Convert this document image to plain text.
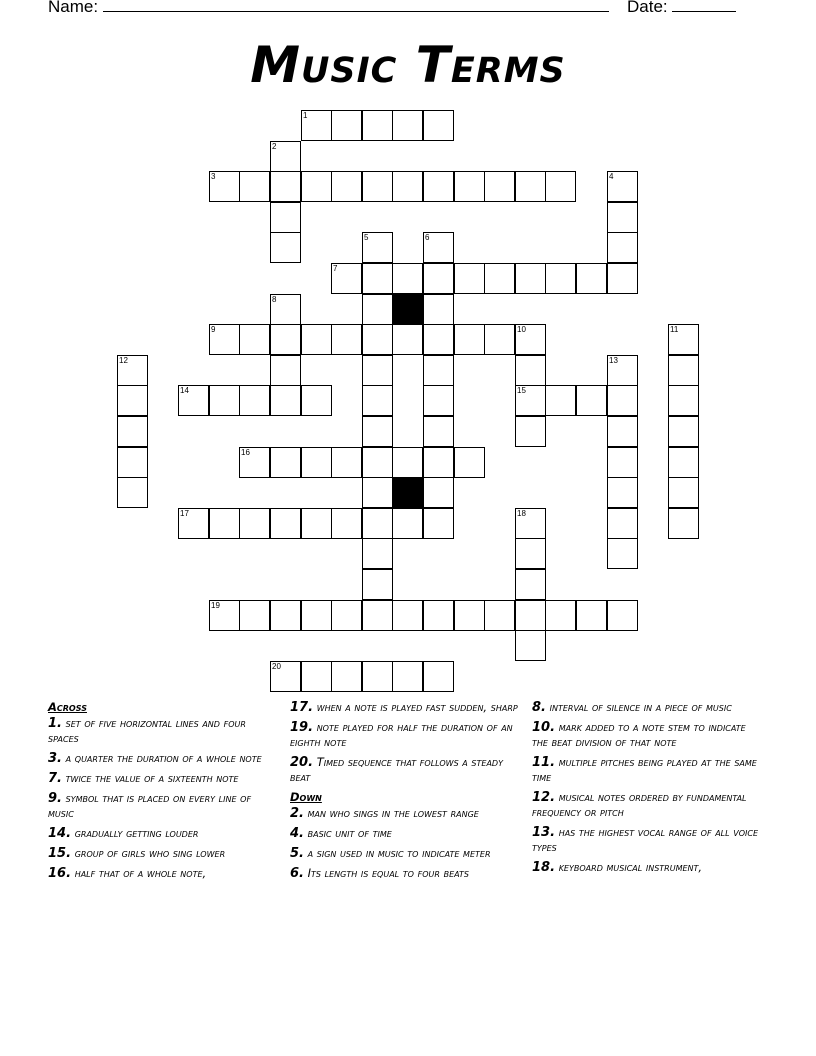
Name:	Date:
Music Terms
1
2
3	4
5	6
7
8
9	10
15
11
12	13
14
16
17	18
19
20
Across
1. set of five horizontal lines and four spaces
3. a quarter the duration of a whole note
7. twice the value of a sixteenth note
9. symbol that is placed on every line of music
14. gradually getting louder
15. group of girls who sing lower
16. half that of a whole note,
17. when a note is played fast sudden, sharp
19. note played for half the duration of an eighth note
20. Timed sequence that follows a steady beat
Down
2. man who sings in the lowest range
4. basic unit of time
5. a sign used in music to indicate meter
6. Its length is equal to four beats
8. interval of silence in a piece of music
10. mark added to a note stem to indicate the beat division of that note
11. multiple pitches being played at the same time
12. musical notes ordered by fundamental frequency or pitch
13. has the highest vocal range of all voice types
18. keyboard musical instrument,
